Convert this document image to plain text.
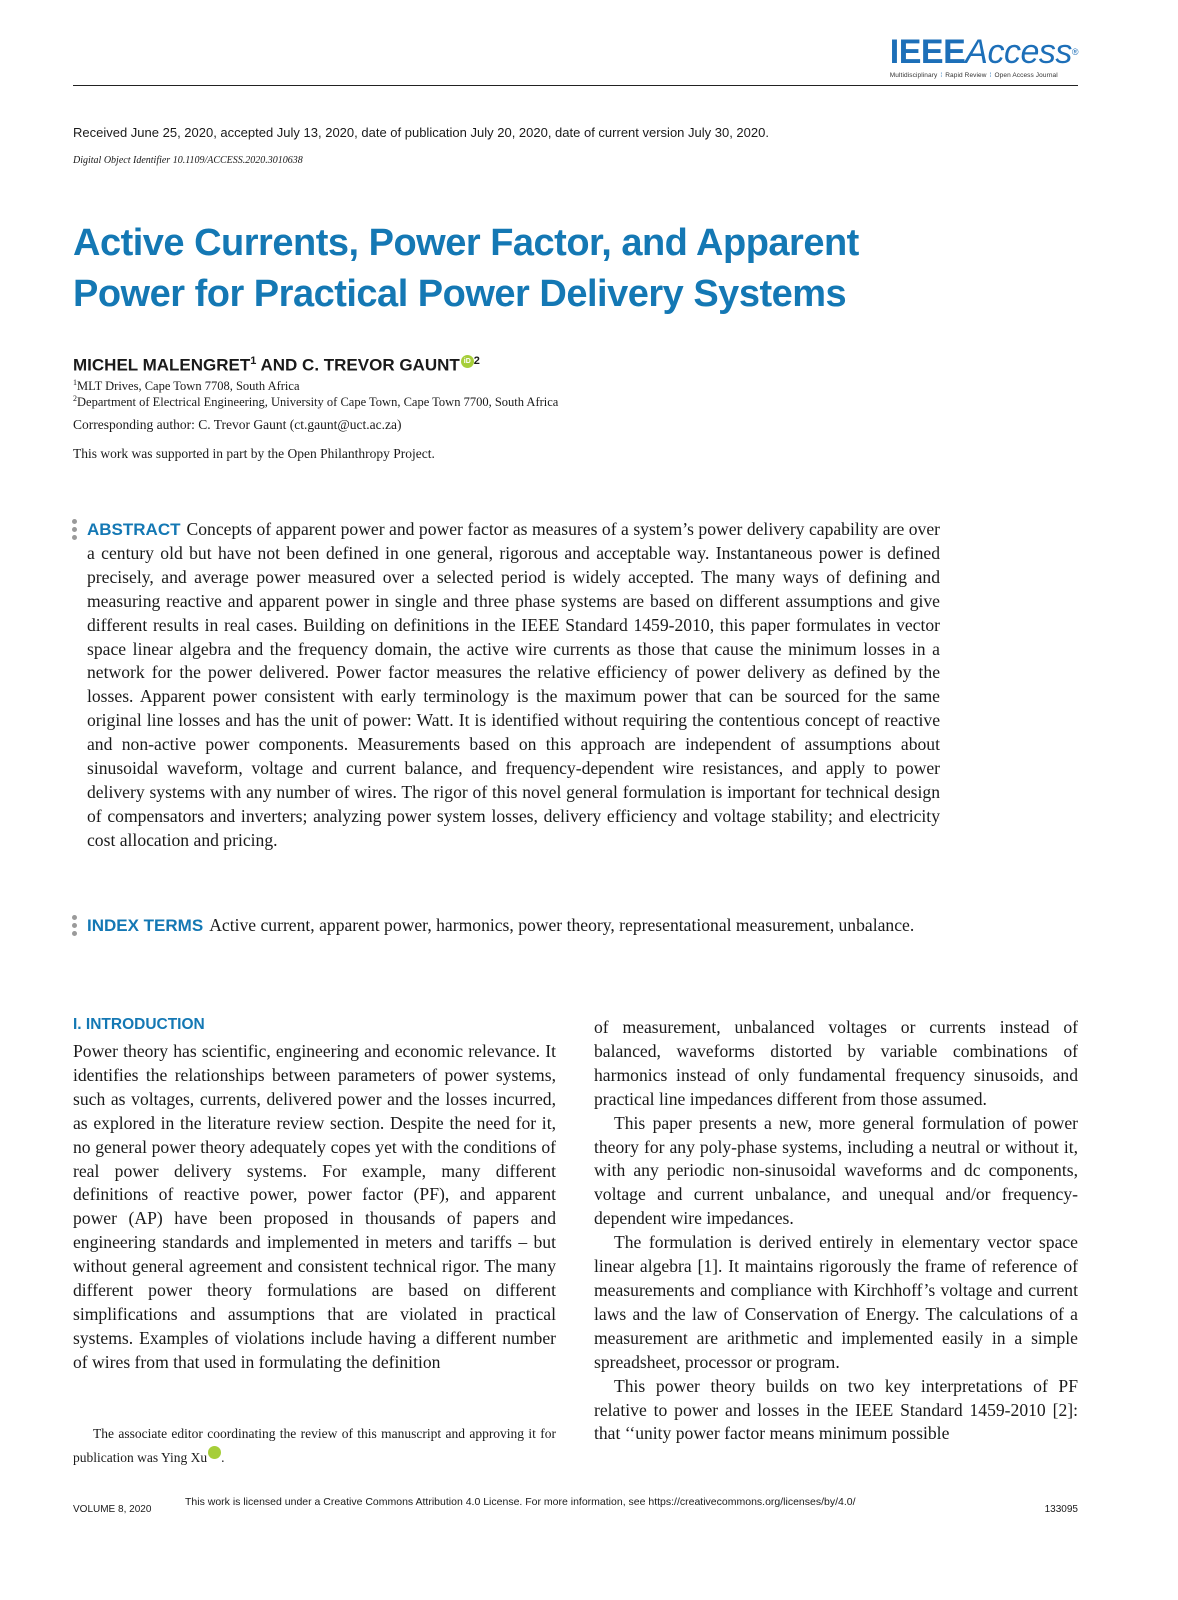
IEEEAccess®
Multidisciplinary ⁞ Rapid Review ⁞ Open Access Journal
Received June 25, 2020, accepted July 13, 2020, date of publication July 20, 2020, date of current version July 30, 2020.
Digital Object Identifier 10.1109/ACCESS.2020.3010638
Active Currents, Power Factor, and Apparent
Power for Practical Power Delivery Systems
MICHEL MALENGRET$^1$ AND C. TREVOR GAUNT iD $^2$
$^1$MLT Drives, Cape Town 7708, South Africa
$^2$Department of Electrical Engineering, University of Cape Town, Cape Town 7700, South Africa
Corresponding author: C. Trevor Gaunt (ct.gaunt@uct.ac.za)
This work was supported in part by the Open Philanthropy Project.

ABSTRACT Concepts of apparent power and power factor as measures of a system’s power delivery capability are over a century old but have not been defined in one general, rigorous and acceptable way. Instantaneous power is defined precisely, and average power measured over a selected period is widely accepted. The many ways of defining and measuring reactive and apparent power in single and three phase systems are based on different assumptions and give different results in real cases. Building on definitions in the IEEE Standard 1459-2010, this paper formulates in vector space linear algebra and the frequency domain, the active wire currents as those that cause the minimum losses in a network for the power delivered. Power factor measures the relative efficiency of power delivery as defined by the losses. Apparent power consistent with early terminology is the maximum power that can be sourced for the same original line losses and has the unit of power: Watt. It is identified without requiring the contentious concept of reactive and non-active power components. Measurements based on this approach are independent of assumptions about sinusoidal waveform, voltage and current balance, and frequency-dependent wire resistances, and apply to power delivery systems with any number of wires. The rigor of this novel general formulation is important for technical design of compensators and inverters; analyzing power system losses, delivery efficiency and voltage stability; and electricity cost allocation and pricing.

INDEX TERMS Active current, apparent power, harmonics, power theory, representational measurement, unbalance.

I. INTRODUCTION

Power theory has scientific, engineering and economic relevance. It identifies the relationships between parameters of power systems, such as voltages, currents, delivered power and the losses incurred, as explored in the literature review section. Despite the need for it, no general power theory adequately copes yet with the conditions of real power delivery systems. For example, many different definitions of reactive power, power factor (PF), and apparent power (AP) have been proposed in thousands of papers and engineering standards and implemented in meters and tariffs – but without general agreement and consistent technical rigor. The many different power theory formulations are based on different simplifications and assumptions that are violated in practical systems. Examples of violations include having a different number of wires from that used in formulating the definition

of measurement, unbalanced voltages or currents instead of balanced, waveforms distorted by variable combinations of harmonics instead of only fundamental frequency sinusoids, and practical line impedances different from those assumed.

This paper presents a new, more general formulation of power theory for any poly-phase systems, including a neutral or without it, with any periodic non-sinusoidal waveforms and dc components, voltage and current unbalance, and unequal and/or frequency-dependent wire impedances.

The formulation is derived entirely in elementary vector space linear algebra [1]. It maintains rigorously the frame of reference of measurements and compliance with Kirchhoff’s voltage and current laws and the law of Conservation of Energy. The calculations of a measurement are arithmetic and implemented easily in a simple spreadsheet, processor or program.

This power theory builds on two key interpretations of PF relative to power and losses in the IEEE Standard 1459-2010 [2]: that ‘‘unity power factor means minimum possible

The associate editor coordinating the review of this manuscript and approving it for publication was Ying Xu	iD.

VOLUME 8, 2020
This work is licensed under a Creative Commons Attribution 4.0 License. For more information, see https://creativecommons.org/licenses/by/4.0/
133095
